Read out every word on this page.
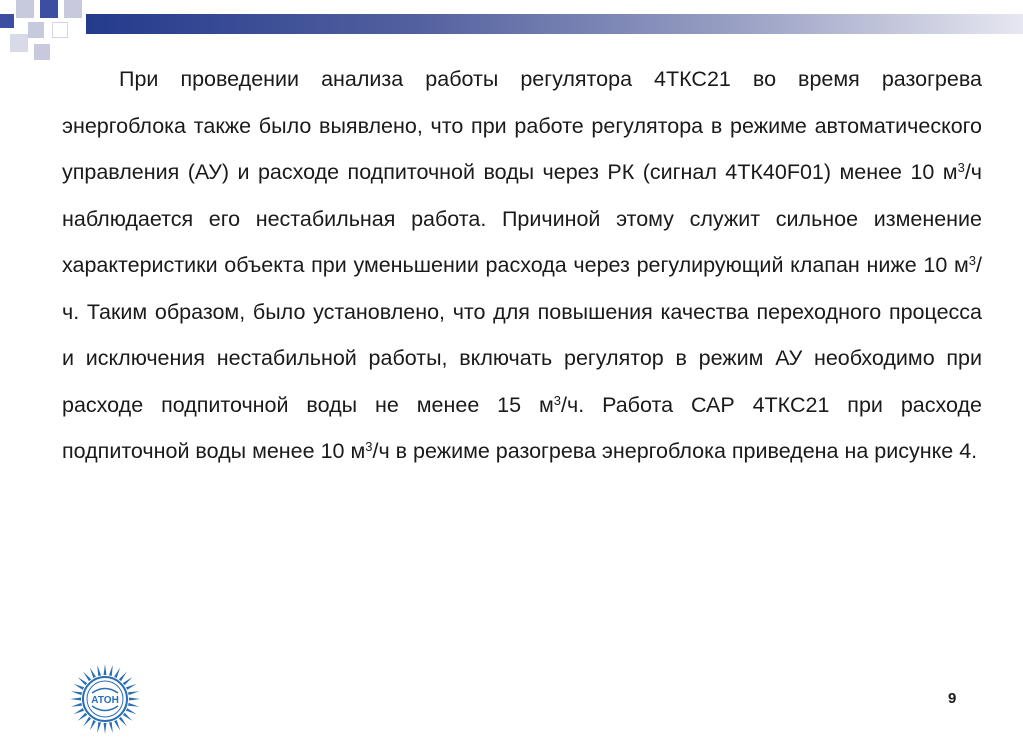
При проведении анализа работы регулятора 4ТКС21 во время разогрева энергоблока также было выявлено, что при работе регулятора в режиме автоматического управления (АУ) и расходе подпиточной воды через РК (сигнал 4ТК40F01) менее 10 $м^3/ч$ наблюдается его нестабильная работа. Причиной этому служит сильное изменение характеристики объекта при уменьшении расхода через регулирующий клапан ниже 10 $м^3/ч$. Таким образом, было установлено, что для повышения качества переходного процесса и исключения нестабильной работы, включать регулятор в режим АУ необходимо при расходе подпиточной воды не менее 15 $м^3/ч$. Работа САР 4ТКС21 при расходе подпиточной воды менее 10 $м^3/ч$ в режиме разогрева энергоблока приведена на рисунке 4.

АТОН	9
